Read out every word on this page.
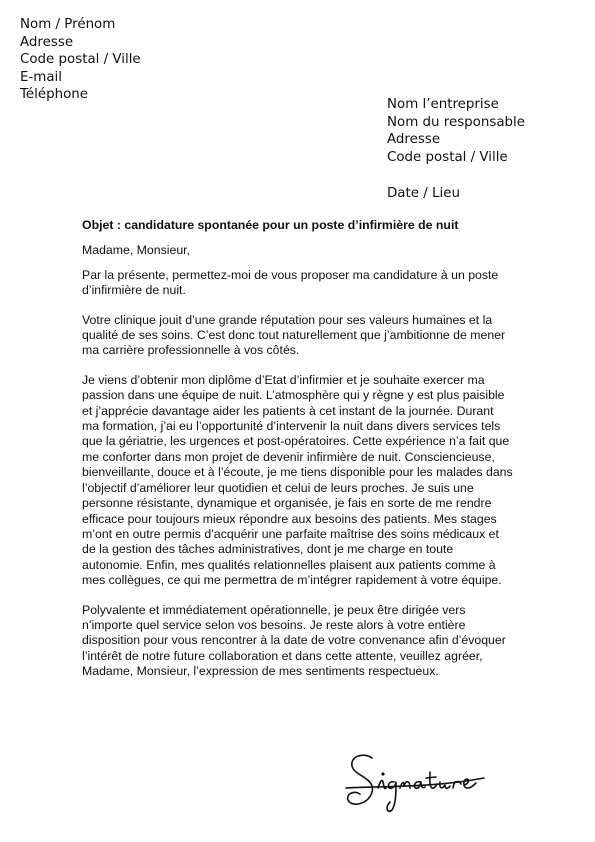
Nom / Prénom
Adresse
Code postal / Ville
E-mail
Téléphone
Nom l’entreprise
Nom du responsable
Adresse
Code postal / Ville
Date / Lieu

Objet : candidature spontanée pour un poste d’infirmière de nuit

Madame, Monsieur,

Par la présente, permettez-moi de vous proposer ma candidature à un poste d’infirmière de nuit.

Votre clinique jouit d’une grande réputation pour ses valeurs humaines et la qualité de ses soins. C’est donc tout naturellement que j’ambitionne de mener ma carrière professionnelle à vos côtés.

Je viens d’obtenir mon diplôme d’Etat d’infirmier et je souhaite exercer ma passion dans une équipe de nuit. L’atmosphère qui y règne y est plus paisible et j’apprécie davantage aider les patients à cet instant de la journée. Durant ma formation, j’ai eu l’opportunité d’intervenir la nuit dans divers services tels que la gériatrie, les urgences et post-opératoires. Cette expérience n’a fait que me conforter dans mon projet de devenir infirmière de nuit. Consciencieuse, bienveillante, douce et à l’écoute, je me tiens disponible pour les malades dans l’objectif d’améliorer leur quotidien et celui de leurs proches. Je suis une personne résistante, dynamique et organisée, je fais en sorte de me rendre efficace pour toujours mieux répondre aux besoins des patients. Mes stages m’ont en outre permis d’acquérir une parfaite maîtrise des soins médicaux et de la gestion des tâches administratives, dont je me charge en toute autonomie. Enfin, mes qualités relationnelles plaisent aux patients comme à mes collègues, ce qui me permettra de m’intégrer rapidement à votre équipe.

Polyvalente et immédiatement opérationnelle, je peux être dirigée vers n’importe quel service selon vos besoins. Je reste alors à votre entière disposition pour vous rencontrer à la date de votre convenance afin d’évoquer l’intérêt de notre future collaboration et dans cette attente, veuillez agréer, Madame, Monsieur, l’expression de mes sentiments respectueux.
